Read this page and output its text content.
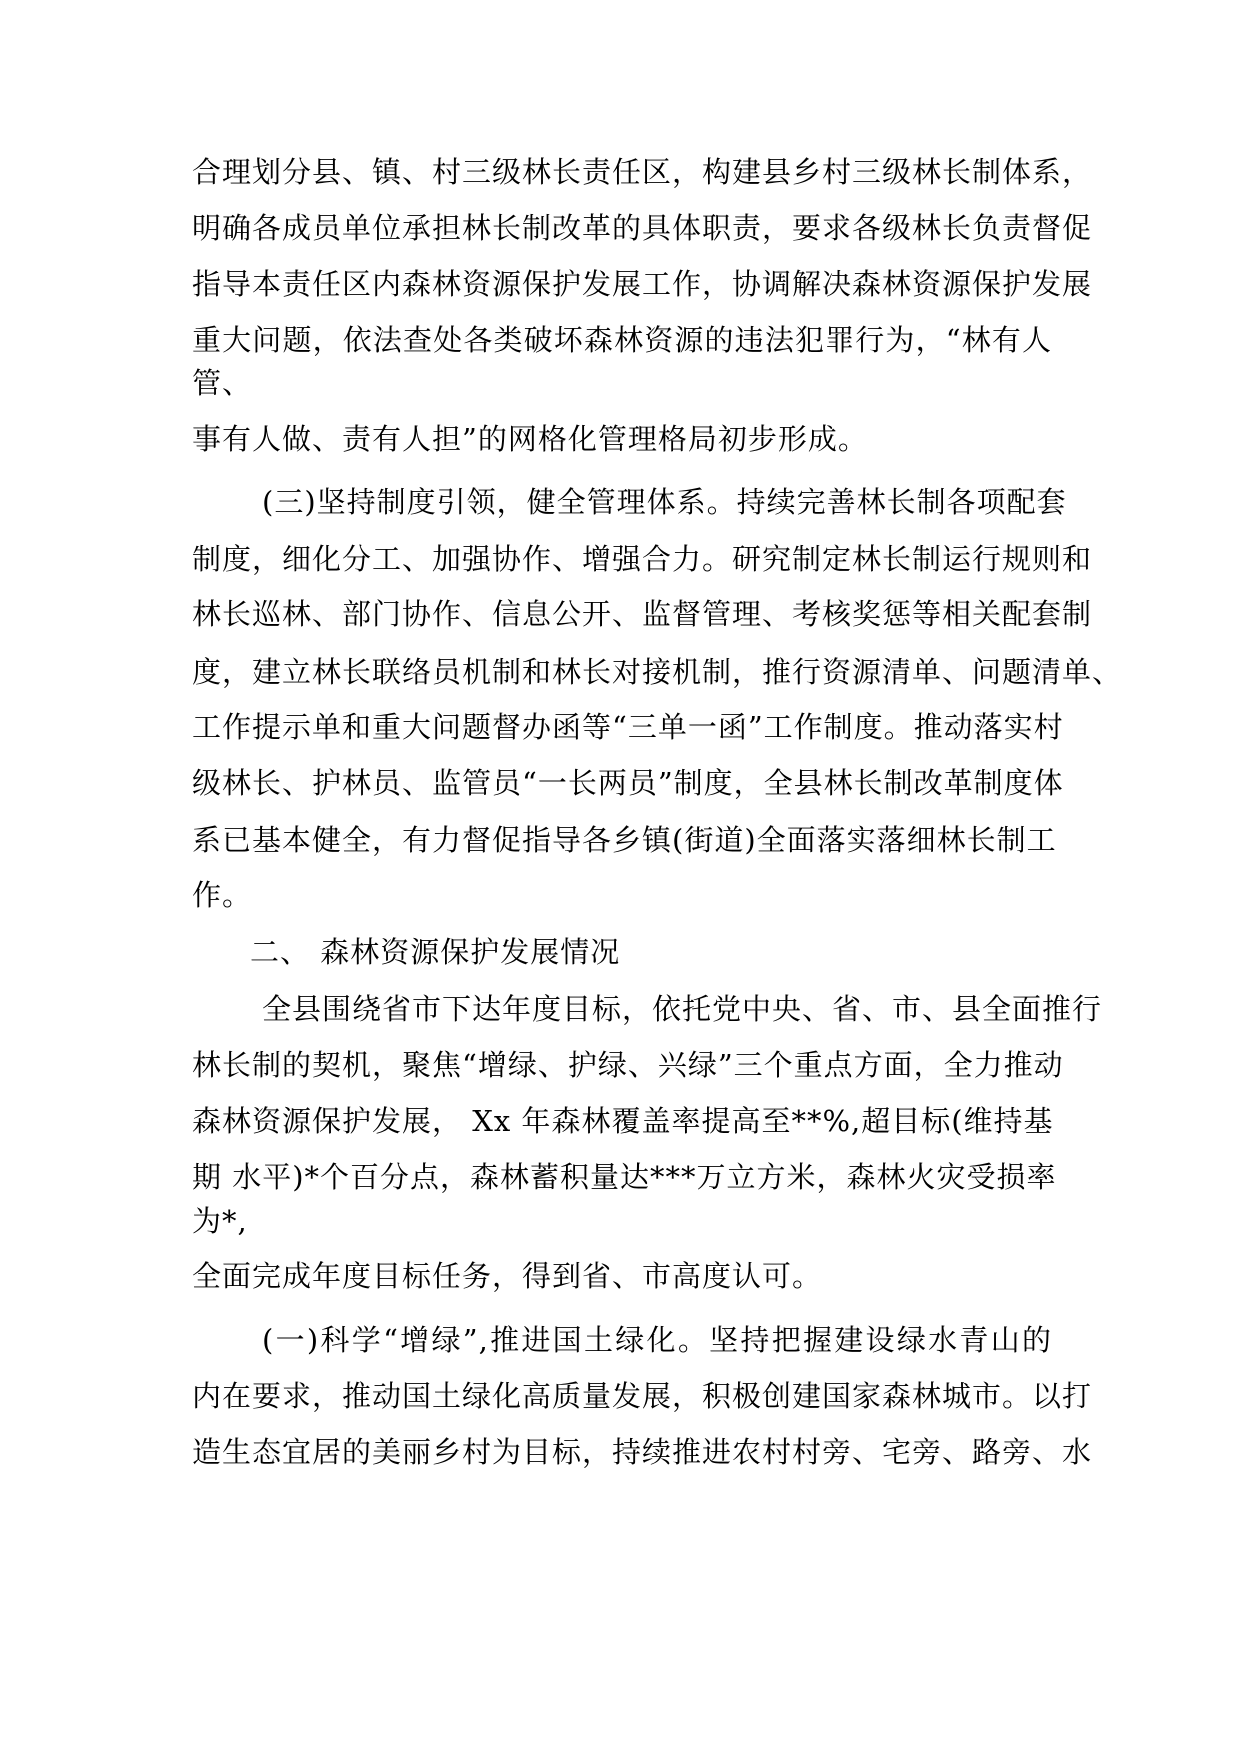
合理划分县、镇、村三级林长责任区，构建县乡村三级林长制体系，
明确各成员单位承担林长制改革的具体职责，要求各级林长负责督促
指导本责任区内森林资源保护发展工作，协调解决森林资源保护发展
重大问题，依法查处各类破坏森林资源的违法犯罪行为，“林有人
管、
事有人做、责有人担”的网格化管理格局初步形成。
(三)坚持制度引领，健全管理体系。持续完善林长制各项配套
制度，细化分工、加强协作、增强合力。研究制定林长制运行规则和
林长巡林、部门协作、信息公开、监督管理、考核奖惩等相关配套制
度，建立林长联络员机制和林长对接机制，推行资源清单、问题清单、
工作提示单和重大问题督办函等“三单一函”工作制度。推动落实村
级林长、护林员、监管员“一长两员”制度，全县林长制改革制度体
系已基本健全，有力督促指导各乡镇(街道)全面落实落细林长制工
作。
二、 森林资源保护发展情况
全县围绕省市下达年度目标，依托党中央、省、市、县全面推行
林长制的契机，聚焦“增绿、护绿、兴绿”三个重点方面，全力推动
森林资源保护发展， Xx 年森林覆盖率提高至**%,超目标(维持基
期 水平)*个百分点，森林蓄积量达***万立方米，森林火灾受损率
为*,
全面完成年度目标任务，得到省、市高度认可。
(一)科学“增绿”,推进国土绿化。坚持把握建设绿水青山的
内在要求，推动国土绿化高质量发展，积极创建国家森林城市。以打
造生态宜居的美丽乡村为目标，持续推进农村村旁、宅旁、路旁、水
